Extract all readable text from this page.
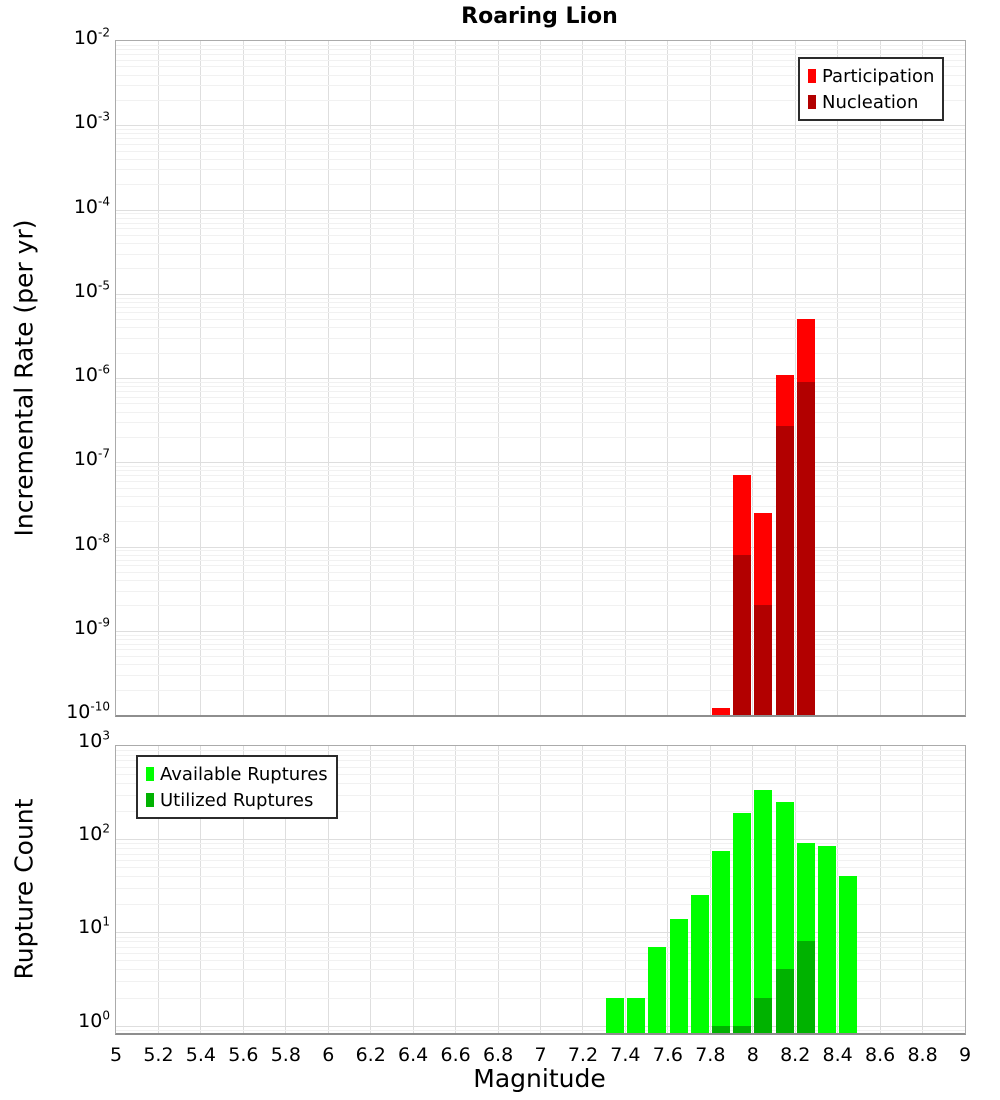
Roaring Lion
Incremental Rate (per yr)
Rupture Count
Magnitude
Participation
Nucleation
Available Ruptures
Utilized Ruptures
$10^{-2}$
$10^{-3}$
$10^{-4}$
$10^{-5}$
$10^{-6}$
$10^{-7}$
$10^{-8}$
$10^{-9}$
$10^{-10}$
$10^3$
$10^2$
$10^1$
$10^0$
5	5.2 5.4 5.6 5.8	6	6.2 6.4 6.6 6.8	7	7.2 7.4 7.6 7.8	8	8.2 8.4 8.6 8.8	9
